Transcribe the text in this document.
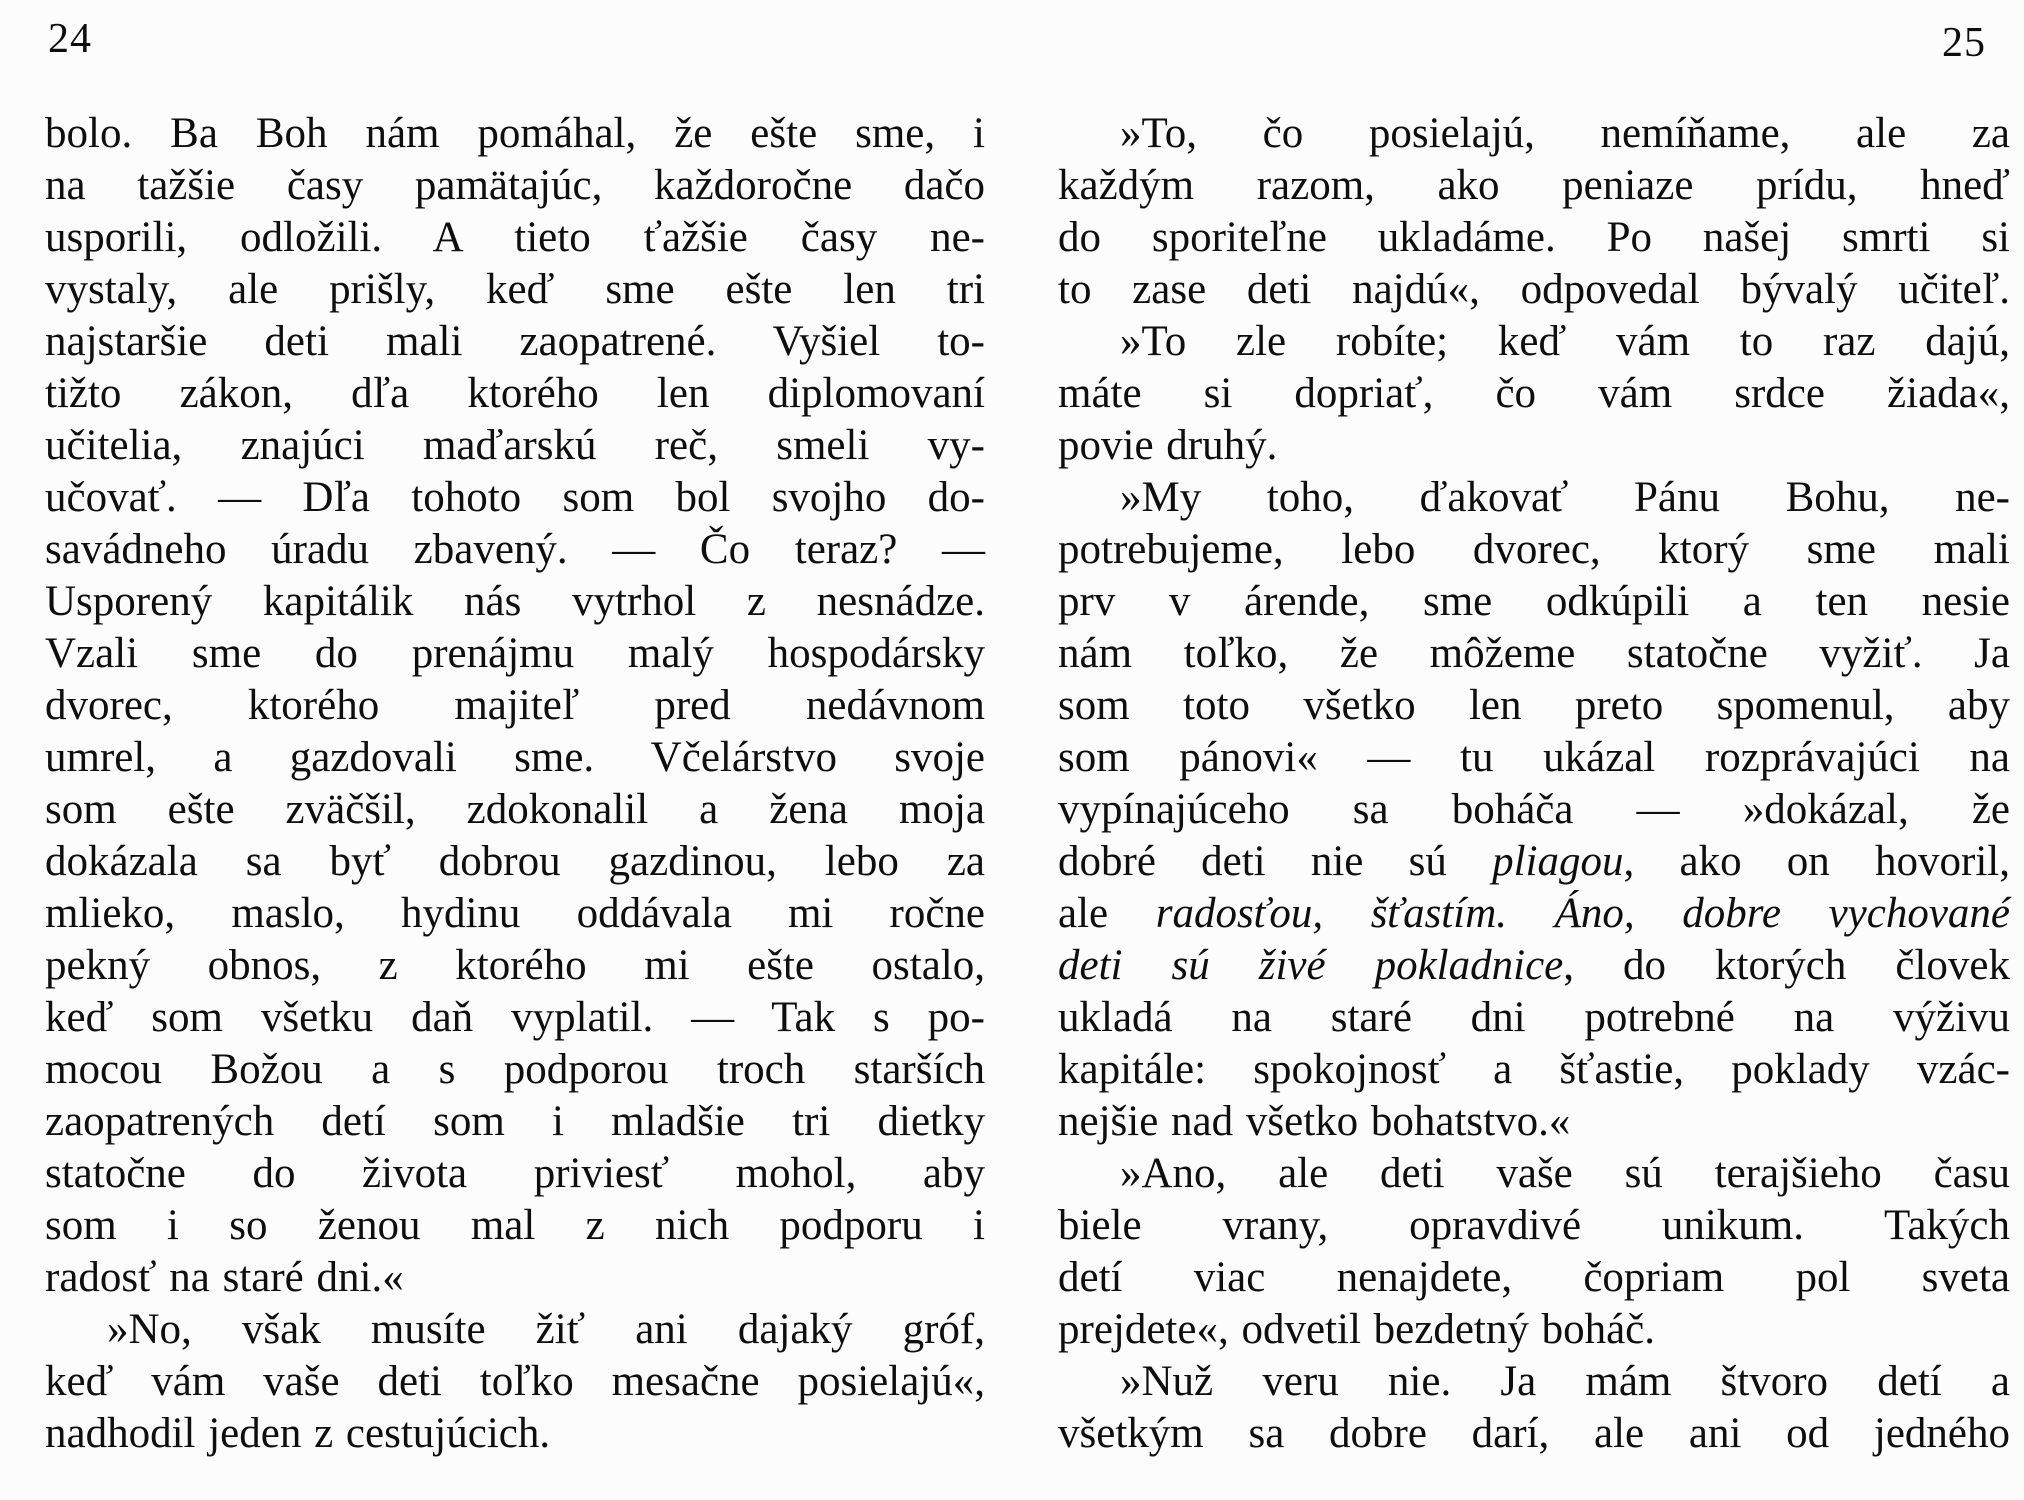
24	25
bolo. Ba Boh nám pomáhal, že ešte sme, i
na tažšie časy pamätajúc, každoročne dačo
usporili, odložili. A tieto ťažšie časy ne-
vystaly, ale prišly, keď sme ešte len tri
najstaršie deti mali zaopatrené. Vyšiel to-
tižto zákon, dľa ktorého len diplomovaní
učitelia, znajúci maďarskú reč, smeli vy-
učovať. — Dľa tohoto som bol svojho do-
savádneho úradu zbavený. — Čo teraz? —
Usporený kapitálik nás vytrhol z nesnádze.
Vzali sme do prenájmu malý hospodársky
dvorec, ktorého majiteľ pred nedávnom
umrel, a gazdovali sme. Včelárstvo svoje
som ešte zväčšil, zdokonalil a žena moja
dokázala sa byť dobrou gazdinou, lebo za
mlieko, maslo, hydinu oddávala mi ročne
pekný obnos, z ktorého mi ešte ostalo,
keď som všetku daň vyplatil. — Tak s po-
mocou Božou a s podporou troch starších
zaopatrených detí som i mladšie tri dietky
statočne do života priviesť mohol, aby
som i so ženou mal z nich podporu i
radosť na staré dni.«
»No, však musíte žiť ani dajaký gróf,
keď vám vaše deti toľko mesačne posielajú«,
nadhodil jeden z cestujúcich.
»To, čo posielajú, nemíňame, ale za
každým razom, ako peniaze prídu, hneď
do sporiteľne ukladáme. Po našej smrti si
to zase deti najdú«, odpovedal bývalý učiteľ.
»To zle robíte; keď vám to raz dajú,
máte si dopriať, čo vám srdce žiada«,
povie druhý.
»My toho, ďakovať Pánu Bohu, ne-
potrebujeme, lebo dvorec, ktorý sme mali
prv v árende, sme odkúpili a ten nesie
nám toľko, že môžeme statočne vyžiť. Ja
som toto všetko len preto spomenul, aby
som pánovi« — tu ukázal rozprávajúci na
vypínajúceho sa boháča — »dokázal, že
dobré deti nie sú pliagou, ako on hovoril,
ale radosťou, šťastím. Áno, dobre vychované
deti sú živé pokladnice, do ktorých človek
ukladá na staré dni potrebné na výživu
kapitále: spokojnosť a šťastie, poklady vzác-
nejšie nad všetko bohatstvo.«
»Ano, ale deti vaše sú terajšieho času
biele vrany, opravdivé unikum. Takých
detí viac nenajdete, čopriam pol sveta
prejdete«, odvetil bezdetný boháč.
»Nuž veru nie. Ja mám štvoro detí a
všetkým sa dobre darí, ale ani od jedného
